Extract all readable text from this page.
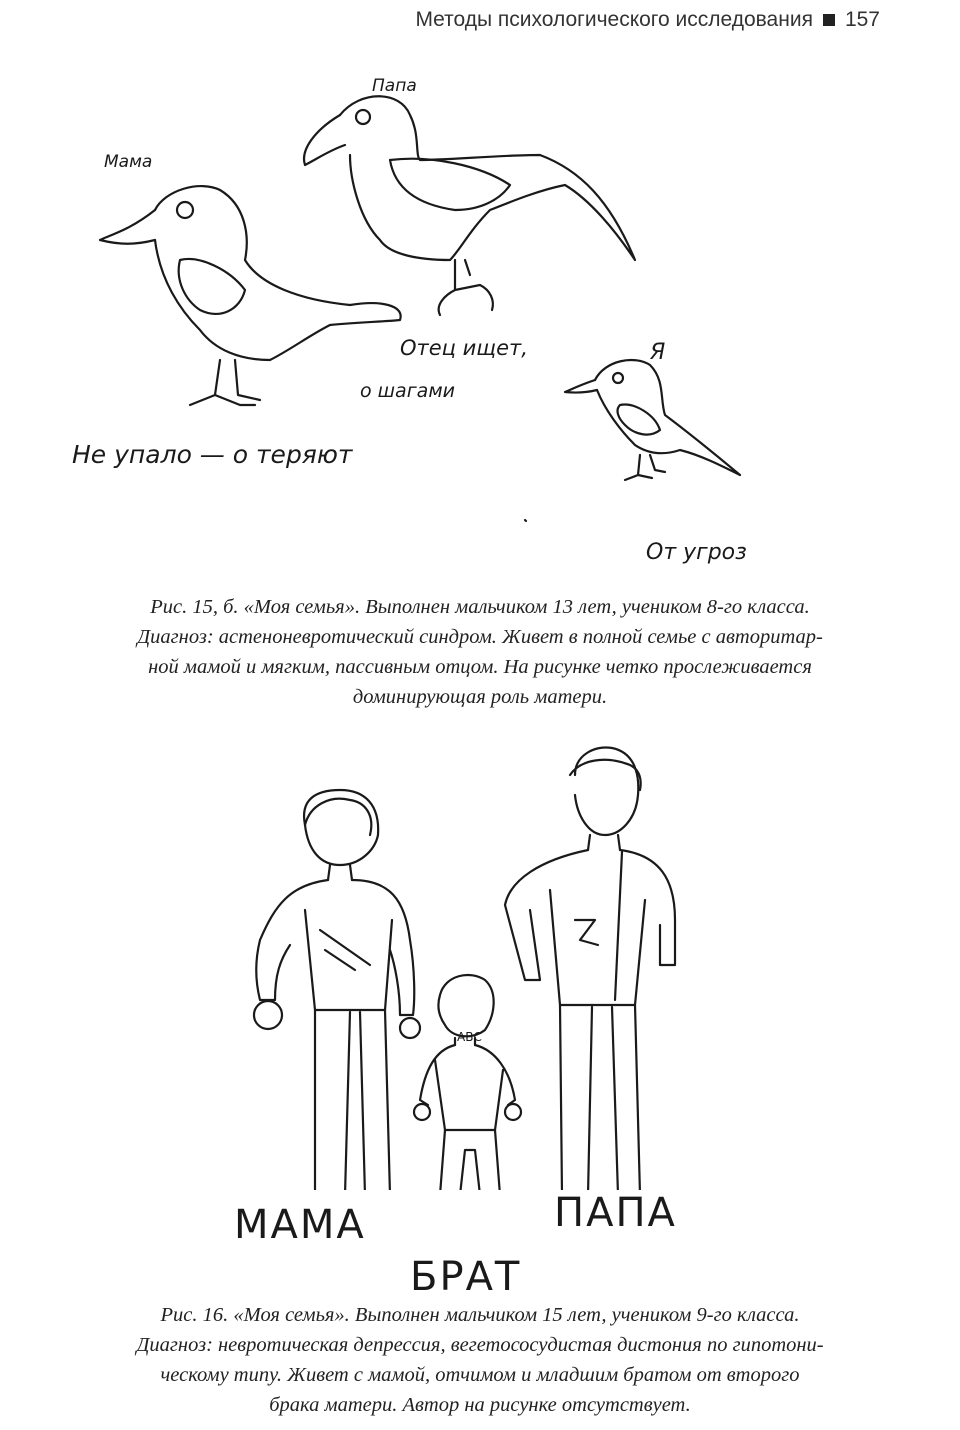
Методы психологического исследования 157
Мама
Папа
Я
Не упало — о теряют
Отец ищет,
о шагами
От угроз
Рис. 15, б. «Моя семья». Выполнен мальчиком 13 лет, учеником 8-го класса.
Диагноз: астеноневротический синдром. Живет в полной семье с авторитар-
ной мамой и мягким, пассивным отцом. На рисунке четко прослеживается
доминирующая роль матери.
АВС
МАМА	ПАПА
БРАТ
Рис. 16. «Моя семья». Выполнен мальчиком 15 лет, учеником 9-го класса.
Диагноз: невротическая депрессия, вегетососудистая дистония по гипотони-
ческому типу. Живет с мамой, отчимом и младшим братом от второго
брака матери. Автор на рисунке отсутствует.
